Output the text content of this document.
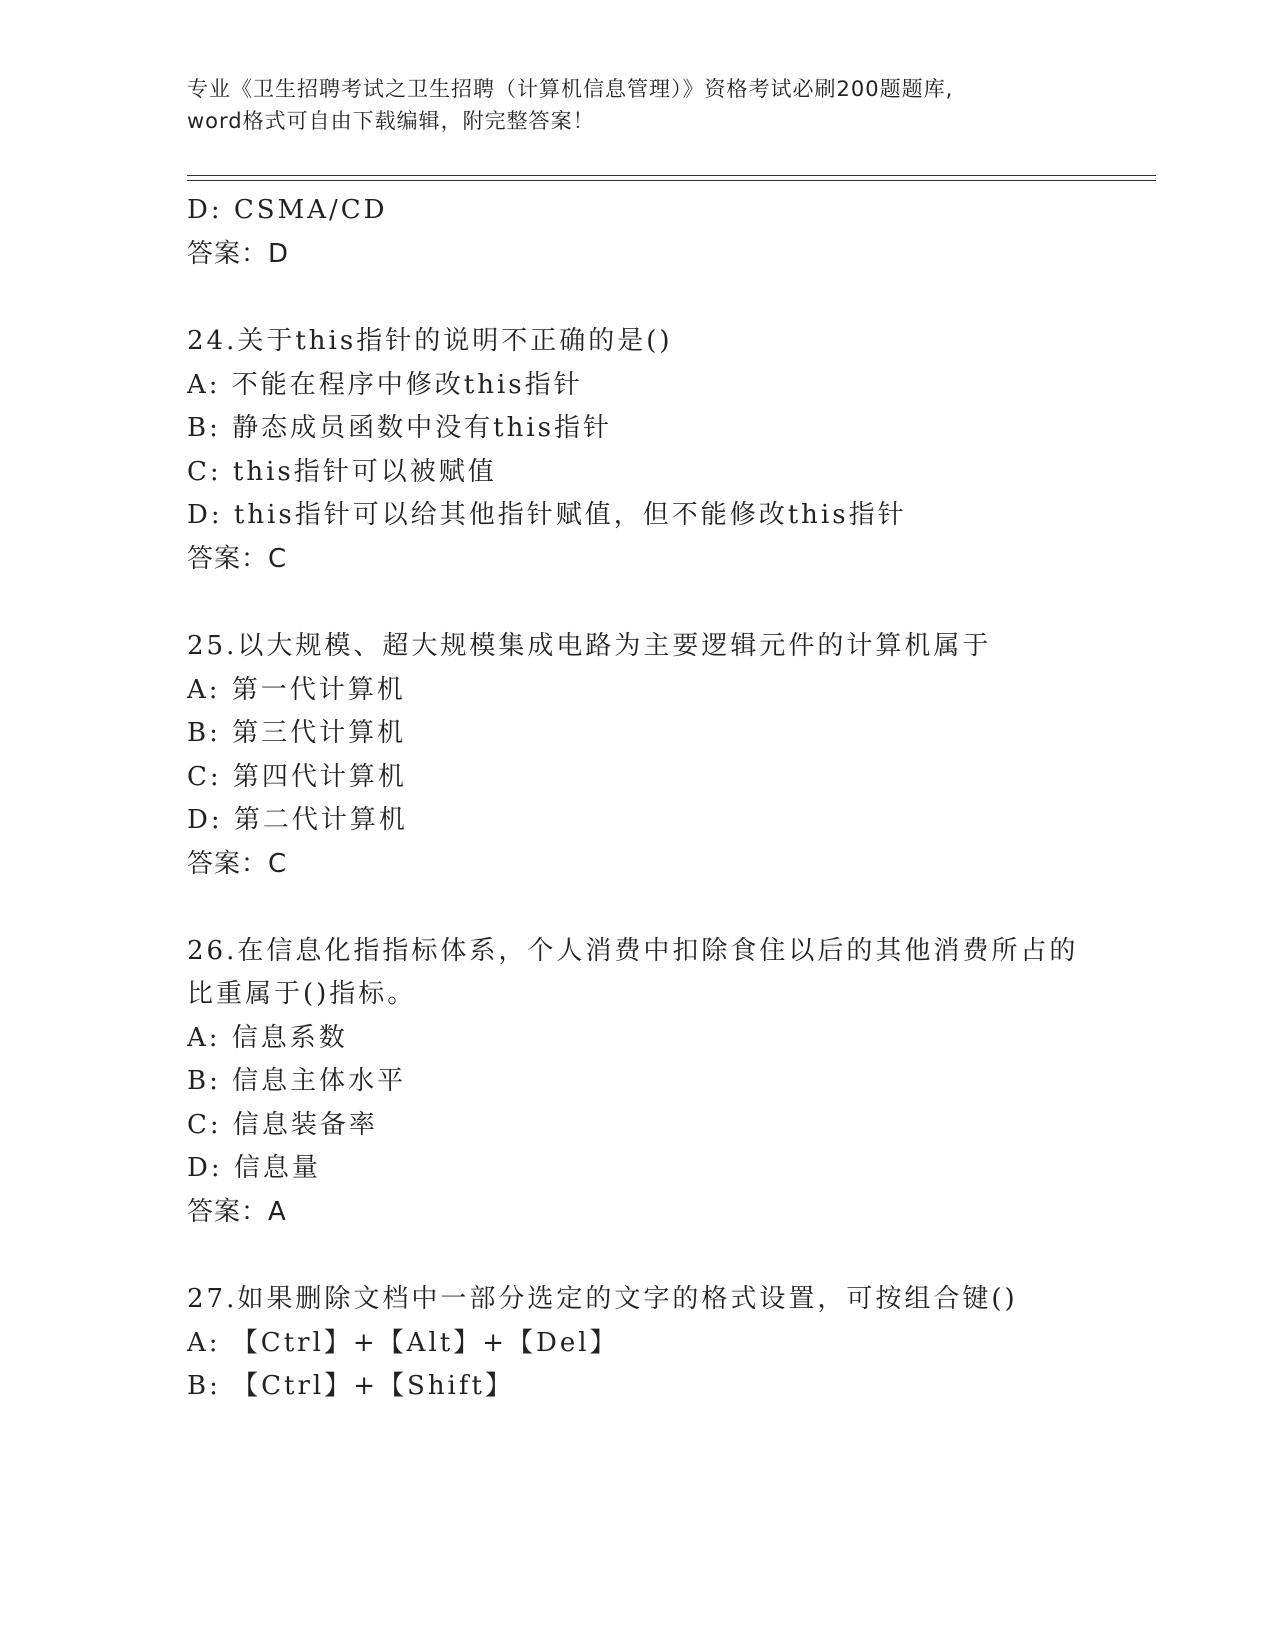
专业《卫生招聘考试之卫生招聘（计算机信息管理）》资格考试必刷200题题库,
word格式可自由下载编辑，附完整答案！
D: CSMA/CD
答案：D
24.关于this指针的说明不正确的是()
A: 不能在程序中修改this指针
B: 静态成员函数中没有this指针
C: this指针可以被赋值
D: this指针可以给其他指针赋值，但不能修改this指针
答案：C
25.以大规模、超大规模集成电路为主要逻辑元件的计算机属于
A: 第一代计算机
B: 第三代计算机
C: 第四代计算机
D: 第二代计算机
答案：C
26.在信息化指指标体系，个人消费中扣除食住以后的其他消费所占的
比重属于()指标。
A: 信息系数
B: 信息主体水平
C: 信息装备率
D: 信息量
答案：A
27.如果删除文档中一部分选定的文字的格式设置，可按组合键()
A: 【Ctrl】+【Alt】+【Del】
B: 【Ctrl】+【Shift】
